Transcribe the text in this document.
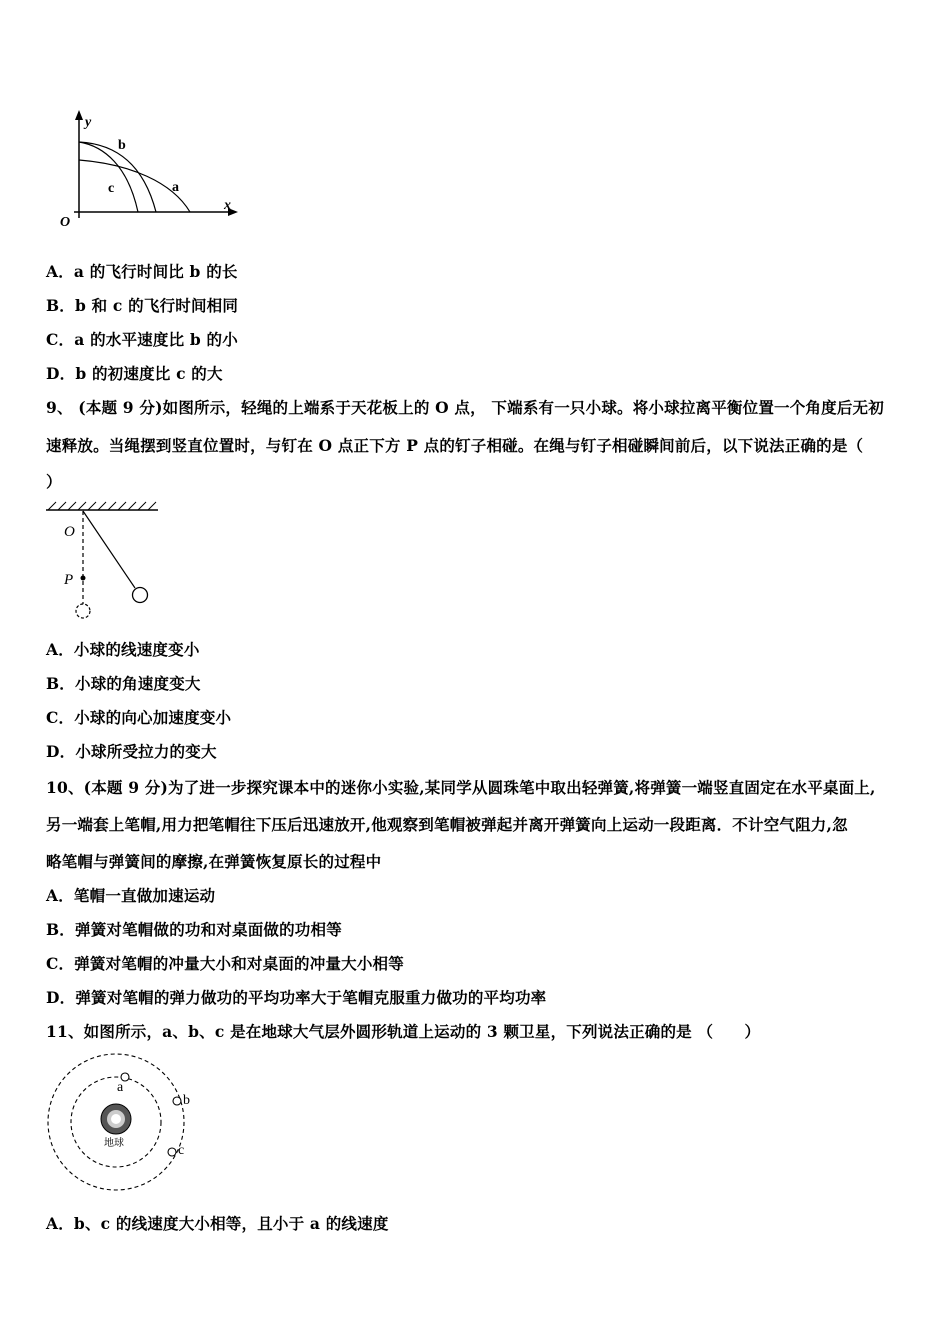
y
x
O
b
c	a
A．a 的飞行时间比 b 的长
B．b 和 c 的飞行时间相同
C．a 的水平速度比 b 的小
D．b 的初速度比 c 的大
9、 (本题 9 分)如图所示，轻绳的上端系于天花板上的 O 点， 下端系有一只小球。将小球拉离平衡位置一个角度后无初
速释放。当绳摆到竖直位置时，与钉在 O 点正下方 P 点的钉子相碰。在绳与钉子相碰瞬间前后，以下说法正确的是（
）
O
P
A．小球的线速度变小
B．小球的角速度变大
C．小球的向心加速度变小
D．小球所受拉力的变大
10、(本题 9 分)为了进一步探究课本中的迷你小实验,某同学从圆珠笔中取出轻弹簧,将弹簧一端竖直固定在水平桌面上,
另一端套上笔帽,用力把笔帽往下压后迅速放开,他观察到笔帽被弹起并离开弹簧向上运动一段距离．不计空气阻力,忽
略笔帽与弹簧间的摩擦,在弹簧恢复原长的过程中
A．笔帽一直做加速运动
B．弹簧对笔帽做的功和对桌面做的功相等
C．弹簧对笔帽的冲量大小和对桌面的冲量大小相等
D．弹簧对笔帽的弹力做功的平均功率大于笔帽克服重力做功的平均功率
11、如图所示，a、b、c 是在地球大气层外圆形轨道上运动的 3 颗卫星，下列说法正确的是 （　　）
地球
a
b
c
A．b、c 的线速度大小相等，且小于 a 的线速度
